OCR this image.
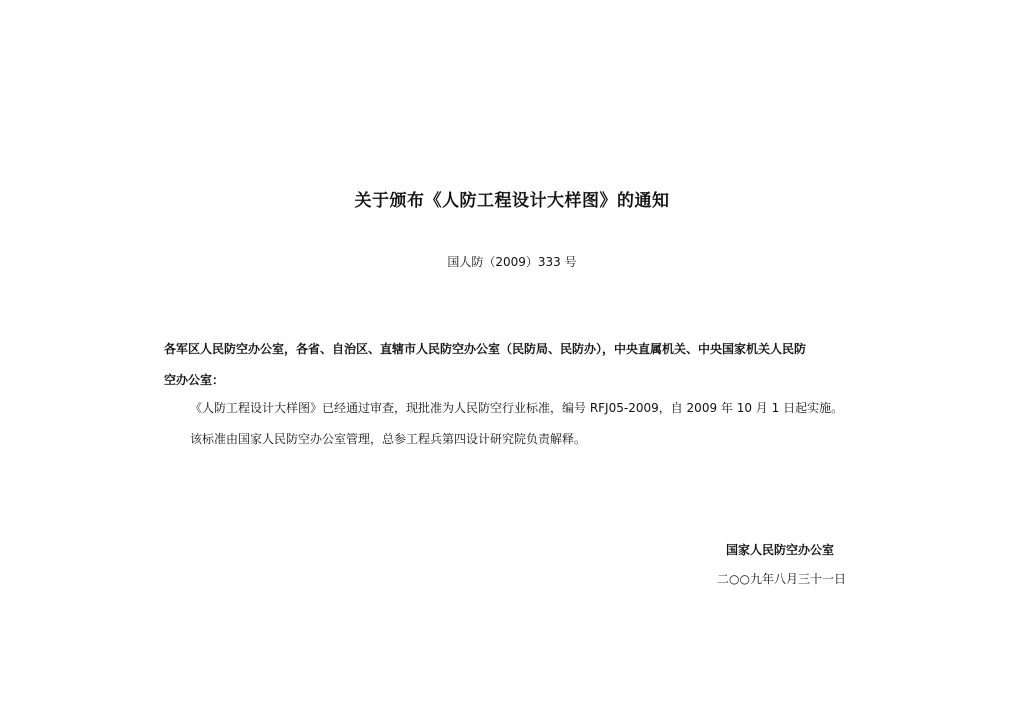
关于颁布《人防工程设计大样图》的通知
国人防（2009）333 号
各军区人民防空办公室，各省、自治区、直辖市人民防空办公室（民防局、民防办），中央直属机关、中央国家机关人民防
空办公室：
《人防工程设计大样图》已经通过审查，现批准为人民防空行业标准，编号 RFJ05-2009，自 2009 年 10 月 1 日起实施。
该标准由国家人民防空办公室管理，总参工程兵第四设计研究院负责解释。
国家人民防空办公室
二○○九年八月三十一日
